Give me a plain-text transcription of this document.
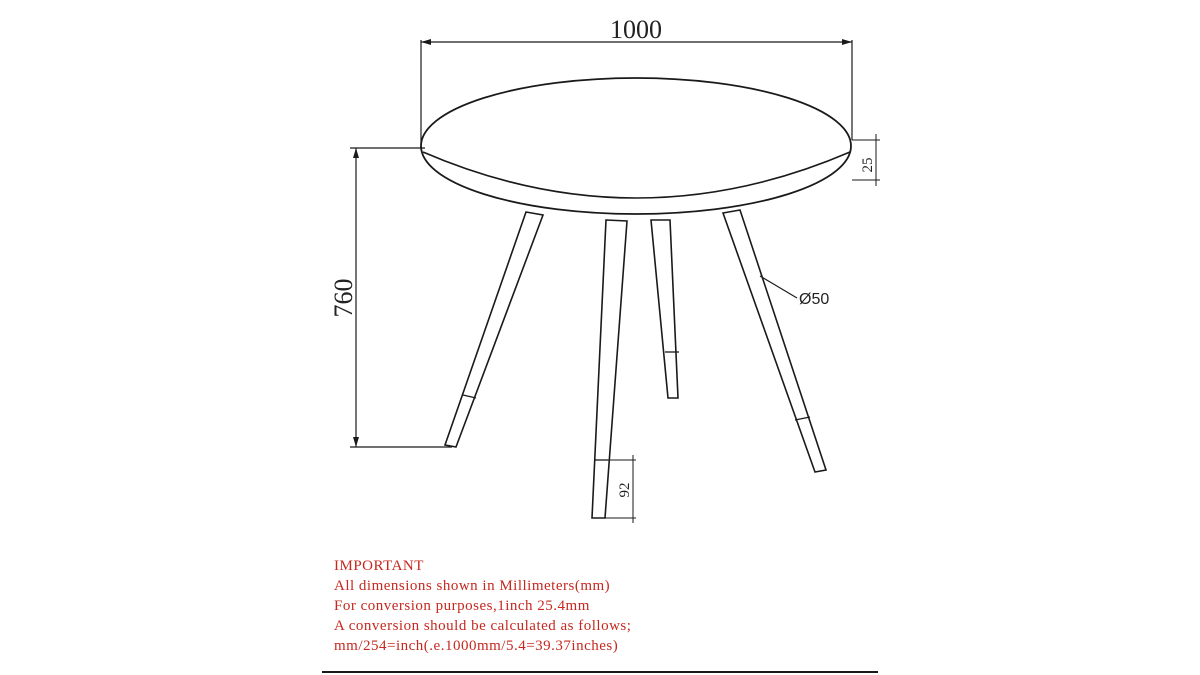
1000
25
760
92
Ø50
IMPORTANT
All dimensions shown in Millimeters(mm)
For conversion purposes,1inch 25.4mm
A conversion should be calculated as follows;
mm/254=inch(.e.1000mm/5.4=39.37inches)
